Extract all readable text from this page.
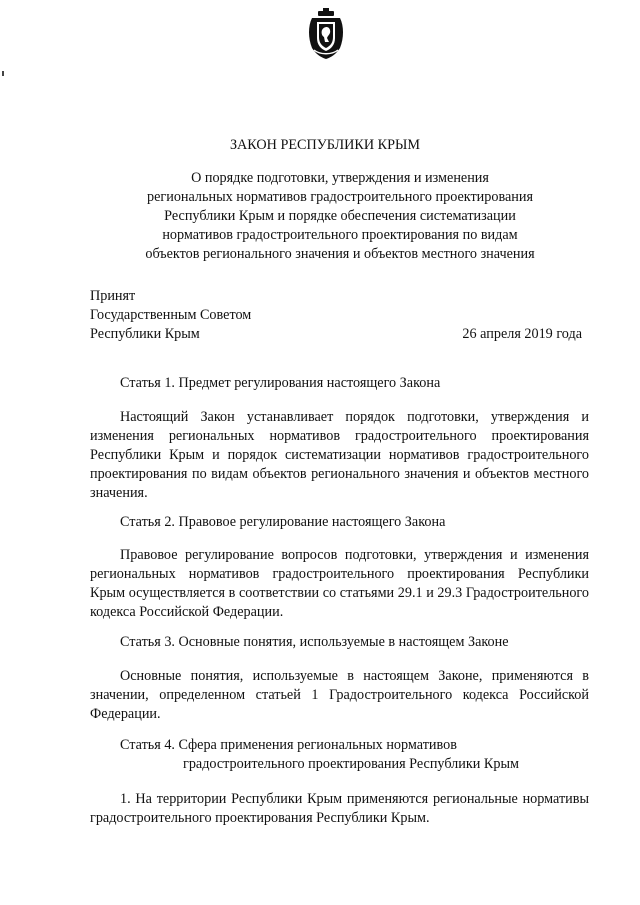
ЗАКОН РЕСПУБЛИКИ КРЫМ
О порядке подготовки, утверждения и изменения
региональных нормативов градостроительного проектирования
Республики Крым и порядке обеспечения систематизации
нормативов градостроительного проектирования по видам
объектов регионального значения и объектов местного значения
Принят
Государственным Советом
Республики Крым	26 апреля 2019 года
Статья 1. Предмет регулирования настоящего Закона
Настоящий Закон устанавливает порядок подготовки, утверждения и изменения региональных нормативов градостроительного проектирования Республики Крым и порядок систематизации нормативов градостроительного проектирования по видам объектов регионального значения и объектов местного значения.
Статья 2. Правовое регулирование настоящего Закона
Правовое регулирование вопросов подготовки, утверждения и изменения региональных нормативов градостроительного проектирования Республики Крым осуществляется в соответствии со статьями 29.1 и 29.3 Градостроительного кодекса Российской Федерации.
Статья 3. Основные понятия, используемые в настоящем Законе
Основные понятия, используемые в настоящем Законе, применяются в значении, определенном статьей 1 Градостроительного кодекса Российской Федерации.
Статья 4. Сфера применения региональных нормативов
градостроительного проектирования Республики Крым
1. На территории Республики Крым применяются региональные нормативы градостроительного проектирования Республики Крым.
